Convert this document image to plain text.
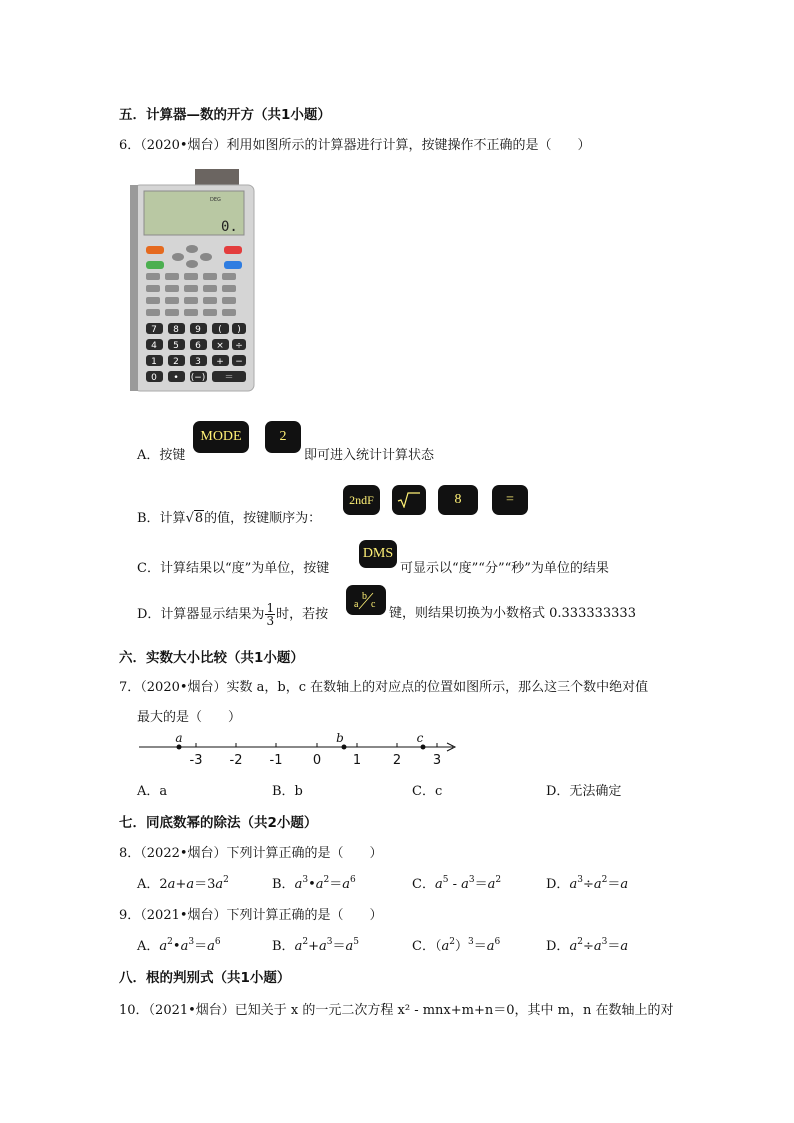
五．计算器—数的开方（共1小题）
6．（2020•烟台）利用如图所示的计算器进行计算，按键操作不正确的是（　　）
DEG
0.
7 8 9 ( )
4 5 6 × ÷
1 2 3 + −
0 • (−) ＝
A．按键
MODE	2
即可进入统计计算状态
B．计算√8的值，按键顺序为：
2ndF	8	=
C．计算结果以“度”为单位，按键
DMS
可显示以“度”“分”“秒”为单位的结果
D．计算器显示结果为 $\frac{1}{3}$ 时，若按
a
b
c
键，则结果切换为小数格式 0.333333333
六．实数大小比较（共1小题）
7．（2020•烟台）实数 a，b，c 在数轴上的对应点的位置如图所示，那么这三个数中绝对值
最大的是（　　）
-3 -2 -1 0 1 2 3
a	b	c
A．a	B．b	C．c	D．无法确定
七．同底数幂的除法（共2小题）
8．（2022•烟台）下列计算正确的是（　　）
A．$2a+a=3a^2$	B．$a^3•a^2=a^6$	C．$a^5 - a^3=a^2$	D．$a^3\div a^2=a$
9．（2021•烟台）下列计算正确的是（　　）
A．$a^2•a^3=a^6$	B．$a^2+a^3=a^5$	C．$(a^2)^3=a^6$	D．$a^2\div a^3=a$
八．根的判别式（共1小题）
10．（2021•烟台）已知关于 x 的一元二次方程 x² - mnx+m+n＝0，其中 m，n 在数轴上的对
